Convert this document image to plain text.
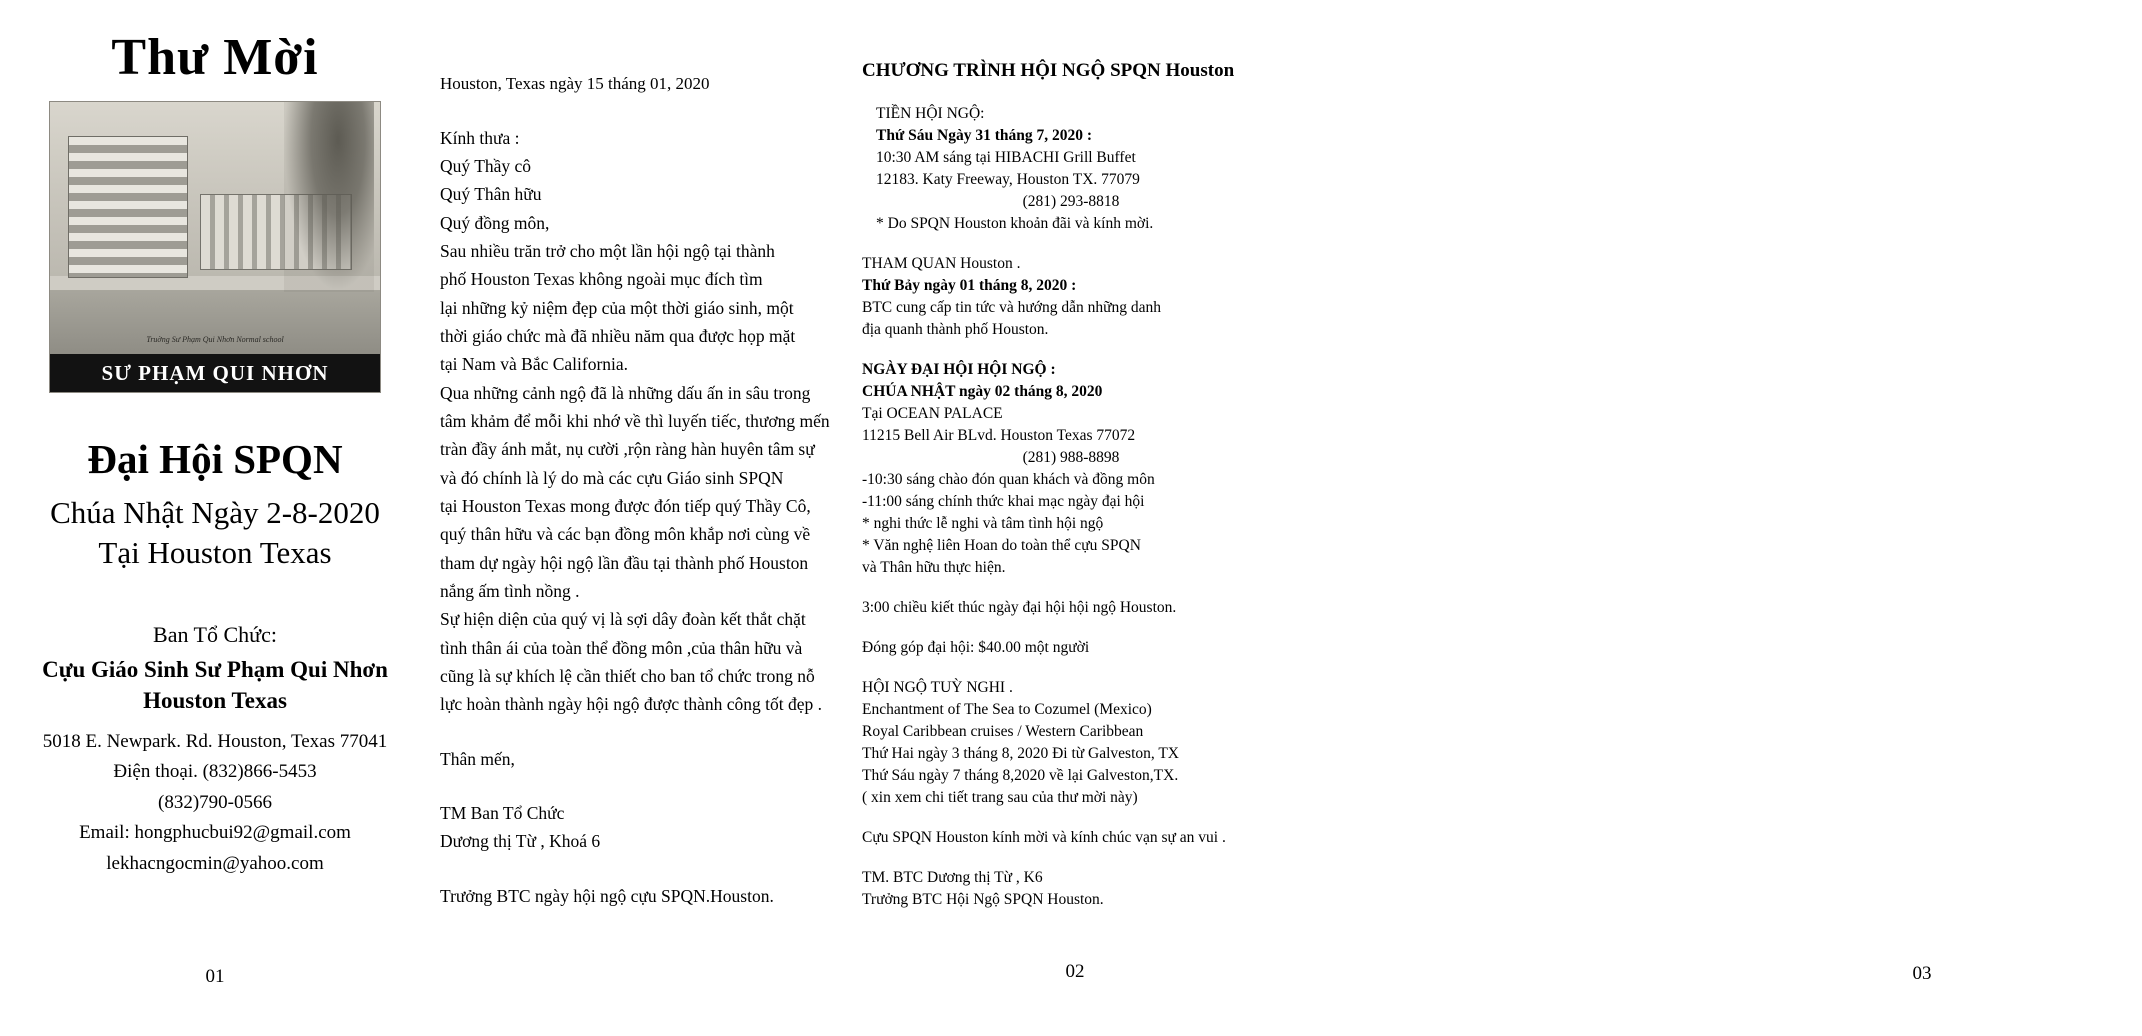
Thư Mời
Truờng Sư Phạm Qui Nhơn Normal school
SƯ PHẠM QUI NHƠN
Đại Hội SPQN
Chúa Nhật Ngày 2-8-2020
Tại Houston Texas
Ban Tổ Chức:
Cựu Giáo Sinh Sư Phạm Qui Nhơn
Houston Texas
5018 E. Newpark. Rd. Houston, Texas 77041
Điện thoại. (832)866-5453
(832)790-0566
Email: hongphucbui92@gmail.com
lekhacngocmin@yahoo.com
01

Houston, Texas ngày 15 tháng 01, 2020

Kính thưa :

Quý Thầy cô

Quý Thân hữu

Quý đồng môn,

Sau nhiều trăn trở cho một lần hội ngộ tại thành

phố Houston Texas không ngoài mục đích tìm

lại những kỷ niệm đẹp của một thời giáo sinh, một

thời giáo chức mà đã nhiều năm qua được họp mặt

tại Nam và Bắc California.

Qua những cảnh ngộ đã là những dấu ấn in sâu trong

tâm khảm để mỗi khi nhớ về thì luyến tiếc, thương mến

tràn đầy ánh mắt, nụ cười ,rộn ràng hàn huyên tâm sự

và đó chính là lý do mà các cựu Giáo sinh SPQN

tại Houston Texas mong được đón tiếp quý Thầy Cô,

quý thân hữu và các bạn đồng môn khắp nơi cùng về

tham dự ngày hội ngộ lần đầu tại thành phố Houston

nắng ấm tình nồng .

Sự hiện diện của quý vị là sợi dây đoàn kết thắt chặt

tình thân ái của toàn thể đồng môn ,của thân hữu và

cũng là sự khích lệ cần thiết cho ban tổ chức trong nỗ

lực hoàn thành ngày hội ngộ được thành công tốt đẹp .

Thân mến,

TM Ban Tổ Chức

Dương thị Từ , Khoá 6

Trưởng BTC ngày hội ngộ cựu SPQN.Houston.

02
CHƯƠNG TRÌNH HỘI NGỘ SPQN Houston

TIỀN HỘI NGỘ:

Thứ Sáu Ngày 31 tháng 7, 2020 :

10:30 AM sáng tại HIBACHI Grill Buffet

12183. Katy Freeway, Houston TX. 77079

(281) 293-8818

* Do SPQN Houston khoản đãi và kính mời.

THAM QUAN Houston .

Thứ Bảy ngày 01 tháng 8, 2020 :

BTC cung cấp tin tức và hướng dẫn những danh

địa quanh thành phố Houston.

NGÀY ĐẠI HỘI HỘI NGỘ :

CHÚA NHẬT ngày 02 tháng 8, 2020

Tại OCEAN PALACE

11215 Bell Air BLvd. Houston Texas 77072

(281) 988-8898

-10:30 sáng chào đón quan khách và đồng môn

-11:00 sáng chính thức khai mạc ngày đại hội

* nghi thức lễ nghi và tâm tình hội ngộ

* Văn nghệ liên Hoan do toàn thể cựu SPQN

và Thân hữu thực hiện.

3:00 chiều kiết thúc ngày đại hội hội ngộ Houston.

Đóng góp đại hội: $40.00 một người

HỘI NGỘ TUỲ NGHI .

Enchantment of The Sea to Cozumel (Mexico)

Royal Caribbean cruises / Western Caribbean

Thứ Hai ngày 3 tháng 8, 2020 Đi từ Galveston, TX

Thứ Sáu ngày 7 tháng 8,2020 về lại Galveston,TX.

( xin xem chi tiết trang sau của thư mời này)

Cựu SPQN Houston kính mời và kính chúc vạn sự an vui .

TM. BTC Dương thị Từ , K6

Trưởng BTC Hội Ngộ SPQN Houston.

03
